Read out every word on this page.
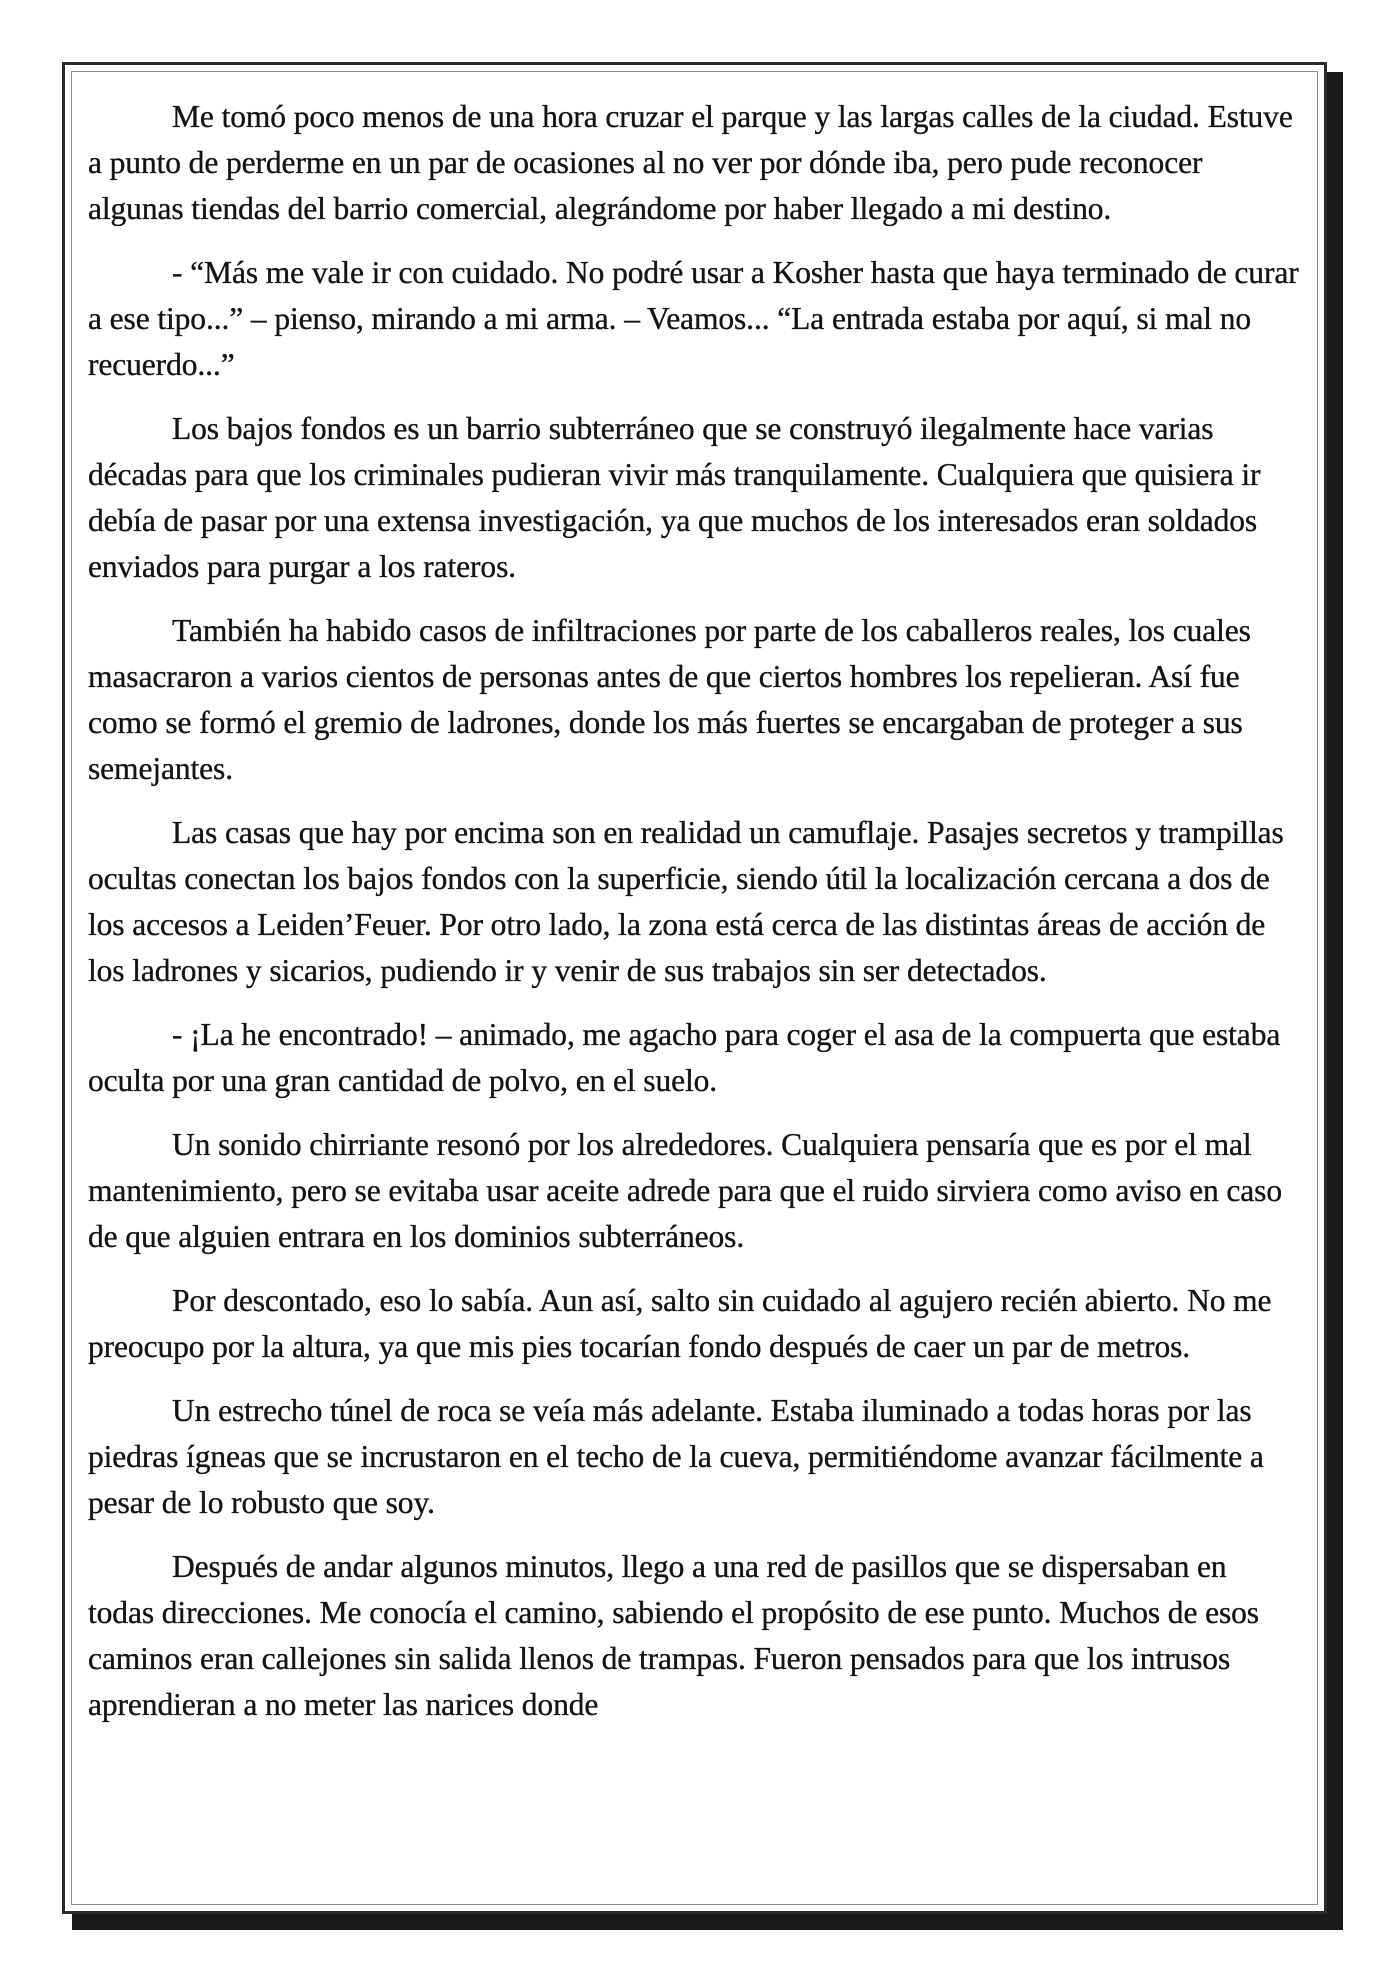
Me tomó poco menos de una hora cruzar el parque y las largas calles de la ciudad. Estuve a punto de perderme en un par de ocasiones al no ver por dónde iba, pero pude reconocer algunas tiendas del barrio comercial, alegrándome por haber llegado a mi destino.

- “Más me vale ir con cuidado. No podré usar a Kosher hasta que haya terminado de curar a ese tipo...” – pienso, mirando a mi arma. – Veamos... “La entrada estaba por aquí, si mal no recuerdo...”

Los bajos fondos es un barrio subterráneo que se construyó ilegalmente hace varias décadas para que los criminales pudieran vivir más tranquilamente. Cualquiera que quisiera ir debía de pasar por una extensa investigación, ya que muchos de los interesados eran soldados enviados para purgar a los rateros.

También ha habido casos de infiltraciones por parte de los caballeros reales, los cuales masacraron a varios cientos de personas antes de que ciertos hombres los repelieran. Así fue como se formó el gremio de ladrones, donde los más fuertes se encargaban de proteger a sus semejantes.

Las casas que hay por encima son en realidad un camuflaje. Pasajes secretos y trampillas ocultas conectan los bajos fondos con la superficie, siendo útil la localización cercana a dos de los accesos a Leiden’Feuer. Por otro lado, la zona está cerca de las distintas áreas de acción de los ladrones y sicarios, pudiendo ir y venir de sus trabajos sin ser detectados.

- ¡La he encontrado! – animado, me agacho para coger el asa de la compuerta que estaba oculta por una gran cantidad de polvo, en el suelo.

Un sonido chirriante resonó por los alrededores. Cualquiera pensaría que es por el mal mantenimiento, pero se evitaba usar aceite adrede para que el ruido sirviera como aviso en caso de que alguien entrara en los dominios subterráneos.

Por descontado, eso lo sabía. Aun así, salto sin cuidado al agujero recién abierto. No me preocupo por la altura, ya que mis pies tocarían fondo después de caer un par de metros.

Un estrecho túnel de roca se veía más adelante. Estaba iluminado a todas horas por las piedras ígneas que se incrustaron en el techo de la cueva, permitiéndome avanzar fácilmente a pesar de lo robusto que soy.

Después de andar algunos minutos, llego a una red de pasillos que se dispersaban en todas direcciones. Me conocía el camino, sabiendo el propósito de ese punto. Muchos de esos caminos eran callejones sin salida llenos de trampas. Fueron pensados para que los intrusos aprendieran a no meter las narices donde
